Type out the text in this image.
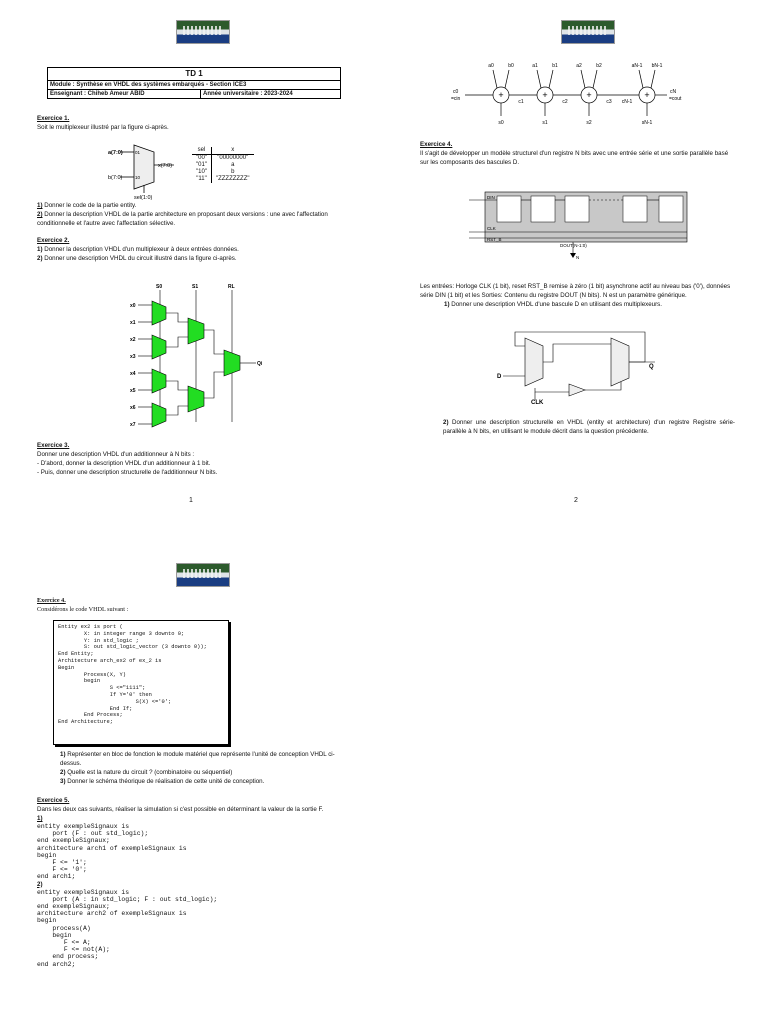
TD 1
Module : Synthèse en VHDL des systèmes embarqués - Section ICE3
Enseignant : Chiheb Ameur ABID	Année universitaire : 2023-2024
Exercice 1.
Soit le multiplexeur illustré par la figure ci-après.
a(7:0)
b(7:0)
01
10
x(7:0)
sel(1:0)
sel	x
"00"	"00000000"
"01"	a
"10"	b
"11"	"ZZZZZZZZ"
1) Donner le code de la partie entity.
2) Donner la description VHDL de la partie architecture en proposant deux versions : une avec l'affectation conditionnelle et l'autre avec l'affectation sélective.
Exercice 2.
1) Donner la description VHDL d'un multiplexeur à deux entrées données.
2) Donner une description VHDL du circuit illustré dans la figure ci-après.
S0	S1	RL
Qi
x0
x1
x2
x3
x4
x5
x6
x7
Exercice 3.
Donner une description VHDL d'un additionneur à N bits :
- D'abord, donner la description VHDL d'un additionneur à 1 bit.
- Puis, donner une description structurelle de l'additionneur N bits.
1
+	+	+	+
a0	b0	a1	b1	a2	b2	aN-1 bN-1
s0	s1	s2	sN-1
c1	c2	c3 cN-1
cN
c0
=cin	=cout
Exercice 4.
Il s'agit de développer un modèle structurel d'un registre N bits avec une entrée série et une sortie parallèle basé sur les composants des bascules D.
DIN
CLK
RST_B
DOUT(N-1:0)
N
Les entrées: Horloge CLK (1 bit), reset RST_B remise à zéro (1 bit) asynchrone actif au niveau bas ('0'), données série DIN (1 bit) et les Sorties: Contenu du registre DOUT (N bits). N est un paramètre générique.
1) Donner une description VHDL d'une bascule D en utilisant des multiplexeurs.
D
CLK
Q
2) Donner une description structurelle en VHDL (entity et architecture) d'un registre Registre série-parallèle à N bits, en utilisant le module décrit dans la question précédente.
2
Exercice 4.
Considérons le code VHDL suivant :
Entity ex2 is port (
X: in integer range 3 downto 0;
Y: in std_logic ;
S: out std_logic_vector (3 downto 0));
End Entity;
Architecture arch_ex2 of ex_2 is
Begin
Process(X, Y)
begin
S <="1111";
If Y='0' then
S(X) <='0';
End If;
End Process;
End Architecture;
1) Représenter en bloc de fonction le module matériel que représente l'unité de conception VHDL ci-dessus.
2) Quelle est la nature du circuit ? (combinatoire ou séquentiel)
3) Donner le schéma théorique de réalisation de cette unité de conception.
Exercice 5.
Dans les deux cas suivants, réaliser la simulation si c'est possible en déterminant la valeur de la sortie F.
1)
entity exempleSignaux is
port (F : out std_logic);
end exempleSignaux;
architecture arch1 of exempleSignaux is
begin
F <= '1';
F <= '0';
end arch1;
2)
entity exempleSignaux is
port (A : in std_logic; F : out std_logic);
end exempleSignaux;
architecture arch2 of exempleSignaux is
begin
process(A)
begin
F <= A;
F <= not(A);
end process;
end arch2;
